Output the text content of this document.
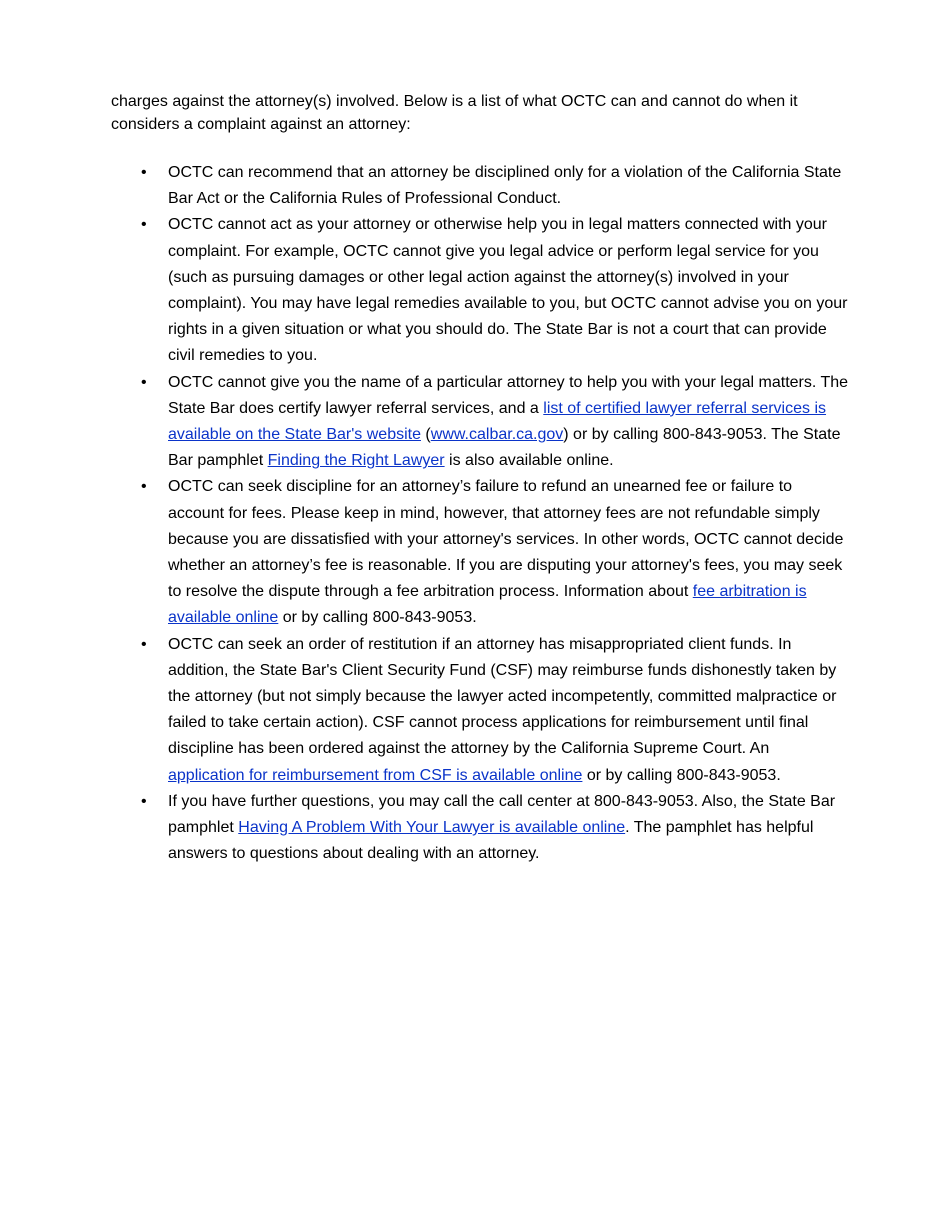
charges against the attorney(s) involved. Below is a list of what OCTC can and cannot do when it considers a complaint against an attorney:

• OCTC can recommend that an attorney be disciplined only for a violation of the California State Bar Act or the California Rules of Professional Conduct.
• OCTC cannot act as your attorney or otherwise help you in legal matters connected with your complaint. For example, OCTC cannot give you legal advice or perform legal service for you (such as pursuing damages or other legal action against the attorney(s) involved in your complaint). You may have legal remedies available to you, but OCTC cannot advise you on your rights in a given situation or what you should do. The State Bar is not a court that can provide civil remedies to you.
• OCTC cannot give you the name of a particular attorney to help you with your legal matters. The State Bar does certify lawyer referral services, and a list of certified lawyer referral services is available on the State Bar's website (www.calbar.ca.gov) or by calling 800-843-9053. The State Bar pamphlet Finding the Right Lawyer is also available online.
• OCTC can seek discipline for an attorney’s failure to refund an unearned fee or failure to account for fees. Please keep in mind, however, that attorney fees are not refundable simply because you are dissatisfied with your attorney's services. In other words, OCTC cannot decide whether an attorney’s fee is reasonable. If you are disputing your attorney's fees, you may seek to resolve the dispute through a fee arbitration process. Information about fee arbitration is available online or by calling 800-843-9053.
• OCTC can seek an order of restitution if an attorney has misappropriated client funds. In addition, the State Bar's Client Security Fund (CSF) may reimburse funds dishonestly taken by the attorney (but not simply because the lawyer acted incompetently, committed malpractice or failed to take certain action). CSF cannot process applications for reimbursement until final discipline has been ordered against the attorney by the California Supreme Court. An application for reimbursement from CSF is available online or by calling 800-843-9053.
• If you have further questions, you may call the call center at 800-843-9053. Also, the State Bar pamphlet Having A Problem With Your Lawyer is available online. The pamphlet has helpful answers to questions about dealing with an attorney.
